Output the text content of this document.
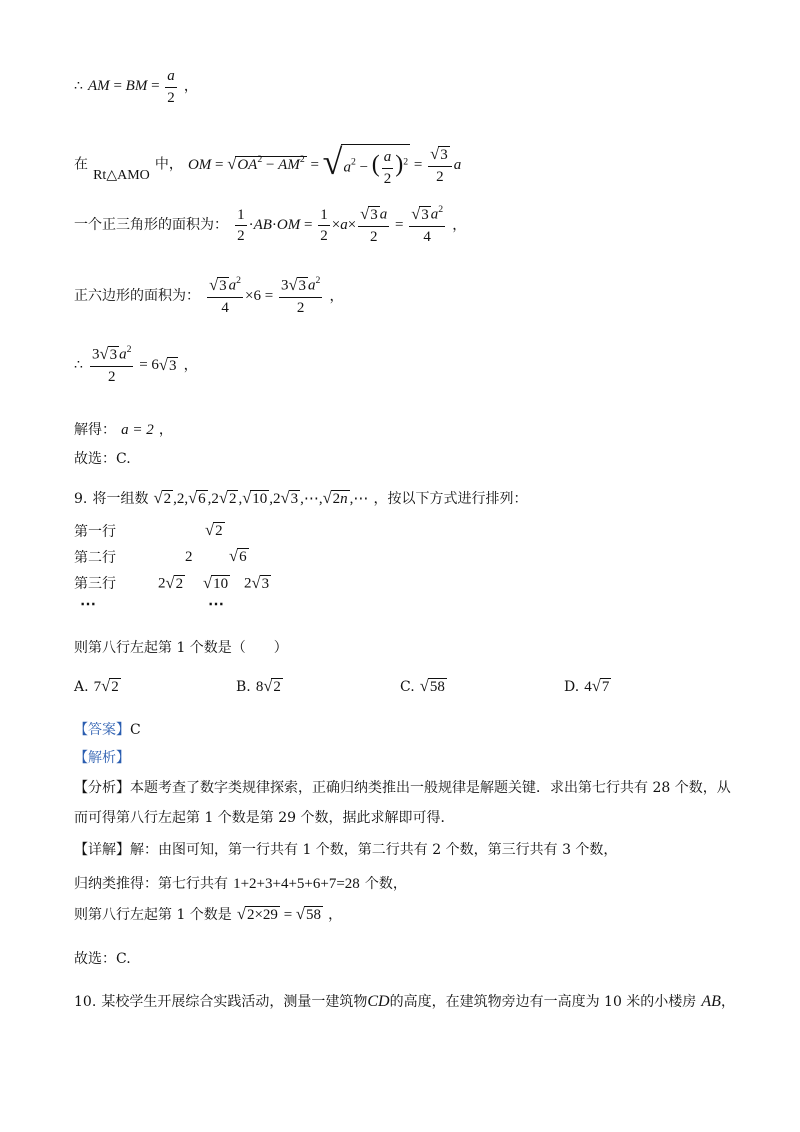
∴ AM = BM = $\frac{a}{2}$ ，
在 Rt△AMO 中， OM = √ $OA^2 - AM^2$ = √ $a^2$ − ( $\frac{a}{2} )^2 = \frac{√ 3}{2}$ a
一个正三角形的面积为： $\frac{1}{2} \cdot AB\cdot OM = \frac{1}{2} \times a\times \frac{√ 3 a}{2} = \frac{√ 3 a^2}{4}$ ，
正六边形的面积为： $\frac{√ 3 a^2}{4} \times 6 = \frac{3 √ 3 a^2}{2}$ ，
∴ $\frac{3 √ 3 a^2}{2} = 6$ √ 3 ，
解得： a = 2 ，
故选：C.
9. 将一组数 √ 2 ,2, √ 6 ,2 √ 2 , √ 10 ,2 √ 3 ,⋯, √ 2n ,⋯ ，按以下方式进行排列：
第一行	√ 2
第二行	2 √ 6
第三行	2 √ 2 √ 10 2 √ 3
⋯	⋯
则第八行左起第 1 个数是（　　）
A. 7 √ 2	B. 8 √ 2	C. √ 58	D. 4 √ 7
【答案】C
【解析】
【分析】本题考查了数字类规律探索，正确归纳类推出一般规律是解题关键．求出第七行共有 28 个数，从
而可得第八行左起第 1 个数是第 29 个数，据此求解即可得．
【详解】解：由图可知，第一行共有 1 个数，第二行共有 2 个数，第三行共有 3 个数，
归纳类推得：第七行共有 1+2+3+4+5+6+7=28 个数，
则第八行左起第 1 个数是 √ 2×29 = √ 58 ，
故选：C.
10. 某校学生开展综合实践活动，测量一建筑物CD的高度，在建筑物旁边有一高度为 10 米的小楼房 AB，
